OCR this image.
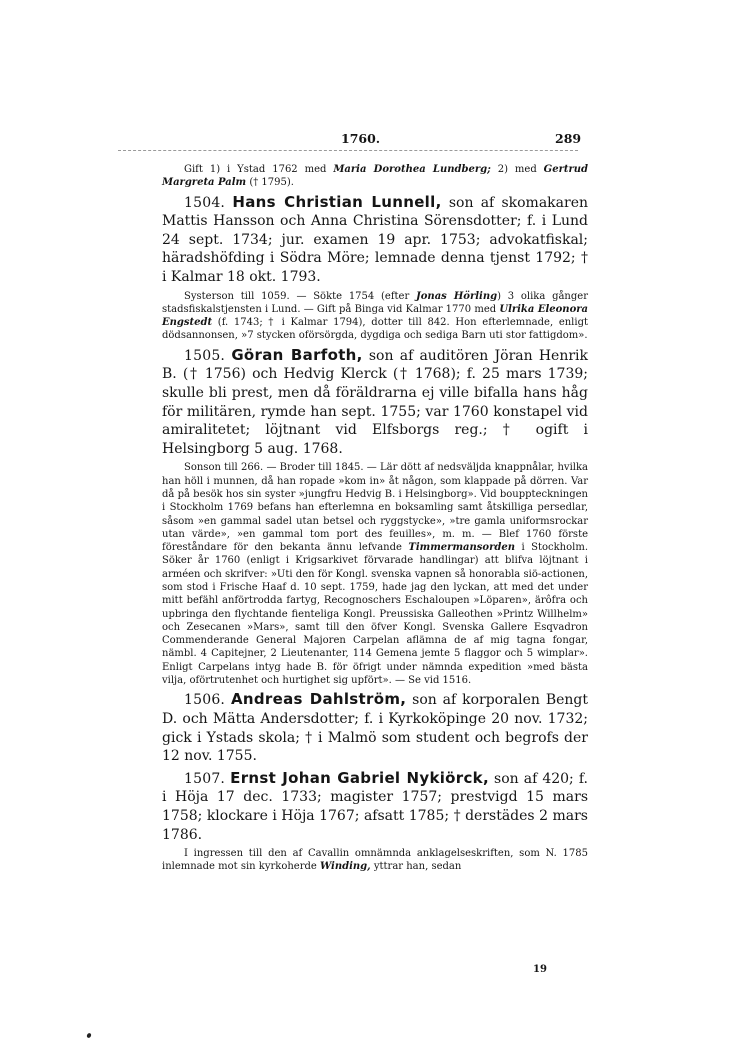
1760.	289

Gift 1) i Ystad 1762 med Maria Dorothea Lundberg; 2) med Gertrud Margreta Palm († 1795).

1504. Hans Christian Lunnell, son af skomakaren Mattis Hansson och Anna Christina Sörensdotter; f. i Lund 24 sept. 1734; jur. examen 19 apr. 1753; advokatfiskal; häradshöfding i Södra Möre; lemnade denna tjenst 1792; † i Kalmar 18 okt. 1793.

Systerson till 1059. — Sökte 1754 (efter Jonas Hörling) 3 olika gånger stadsfiskalstjensten i Lund. — Gift på Binga vid Kalmar 1770 med Ulrika Eleonora Engstedt (f. 1743; † i Kalmar 1794), dotter till 842. Hon efterlemnade, enligt dödsannonsen, »7 stycken oförsörgda, dygdiga och sediga Barn uti stor fattigdom».

1505. Göran Barfoth, son af auditören Jöran Henrik B. († 1756) och Hedvig Klerck († 1768); f. 25 mars 1739; skulle bli prest, men då föräldrarna ej ville bifalla hans håg för militären, rymde han sept. 1755; var 1760 konstapel vid amiralitetet; löjtnant vid Elfsborgs reg.; † ogift i Helsingborg 5 aug. 1768.

Sonson till 266. — Broder till 1845. — Lär dött af nedsväljda knappnålar, hvilka han höll i munnen, då han ropade »kom in» åt någon, som klappade på dörren. Var då på besök hos sin syster »jungfru Hedvig B. i Helsingborg». Vid bouppteckningen i Stockholm 1769 befans han efterlemna en boksamling samt åtskilliga persedlar, såsom »en gammal sadel utan betsel och ryggstycke», »tre gamla uniformsrockar utan värde», »en gammal tom port des feuilles», m. m. — Blef 1760 förste föreståndare för den bekanta ännu lefvande Timmermansorden i Stockholm. Söker år 1760 (enligt i Krigsarkivet förvarade handlingar) att blifva löjtnant i arméen och skrifver: »Uti den för Kongl. svenska vapnen så honorabla siö-actionen, som stod i Frische Haaf d. 10 sept. 1759, hade jag den lyckan, att med det under mitt befähl anförtrodda fartyg, Recognoschers Eschaloupen »Löparen», ärôfra och upbringa den flychtande fienteliga Kongl. Preussiska Galleothen »Printz Willhelm» och Zesecanen »Mars», samt till den öfver Kongl. Svenska Gallere Esqvadron Commenderande General Majoren Carpelan aflämna de af mig tagna fongar, nämbl. 4 Capitejner, 2 Lieutenanter, 114 Gemena jemte 5 flaggor och 5 wimplar». Enligt Carpelans intyg hade B. för öfrigt under nämnda expedition »med bästa vilja, oförtrutenhet och hurtighet sig upfört». — Se vid 1516.

1506. Andreas Dahlström, son af korporalen Bengt D. och Mätta Andersdotter; f. i Kyrkoköpinge 20 nov. 1732; gick i Ystads skola; † i Malmö som student och begrofs der 12 nov. 1755.

1507. Ernst Johan Gabriel Nykiörck, son af 420; f. i Höja 17 dec. 1733; magister 1757; prestvigd 15 mars 1758; klockare i Höja 1767; afsatt 1785; † derstädes 2 mars 1786.

I ingressen till den af Cavallin omnämnda anklagelseskriften, som N. 1785 inlemnade mot sin kyrkoherde Winding, yttrar han, sedan

19
